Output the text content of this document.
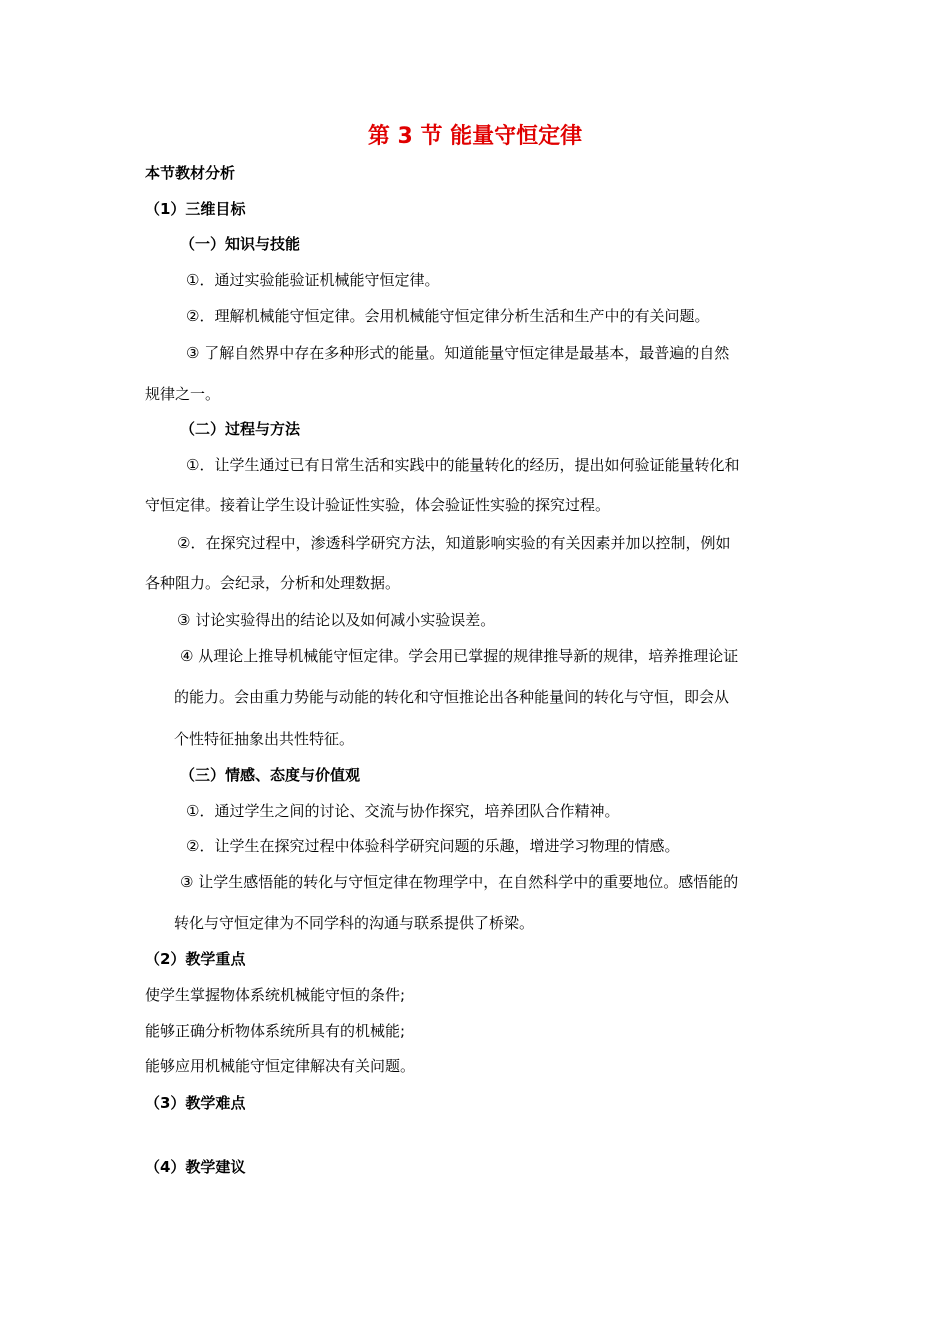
第 3 节 能量守恒定律
本节教材分析
（1）三维目标
（一）知识与技能
①．通过实验能验证机械能守恒定律。
②．理解机械能守恒定律。会用机械能守恒定律分析生活和生产中的有关问题。
③ 了解自然界中存在多种形式的能量。知道能量守恒定律是最基本，最普遍的自然
规律之一。
（二）过程与方法
①．让学生通过已有日常生活和实践中的能量转化的经历，提出如何验证能量转化和
守恒定律。接着让学生设计验证性实验，体会验证性实验的探究过程。
②．在探究过程中，渗透科学研究方法，知道影响实验的有关因素并加以控制，例如
各种阻力。会纪录，分析和处理数据。
③ 讨论实验得出的结论以及如何减小实验误差。
④ 从理论上推导机械能守恒定律。学会用已掌握的规律推导新的规律，培养推理论证
的能力。会由重力势能与动能的转化和守恒推论出各种能量间的转化与守恒，即会从
个性特征抽象出共性特征。
（三）情感、态度与价值观
①．通过学生之间的讨论、交流与协作探究，培养团队合作精神。
②．让学生在探究过程中体验科学研究问题的乐趣，增进学习物理的情感。
③ 让学生感悟能的转化与守恒定律在物理学中，在自然科学中的重要地位。感悟能的
转化与守恒定律为不同学科的沟通与联系提供了桥梁。
（2）教学重点
使学生掌握物体系统机械能守恒的条件;
能够正确分析物体系统所具有的机械能;
能够应用机械能守恒定律解决有关问题。
（3）教学难点
（4）教学建议
